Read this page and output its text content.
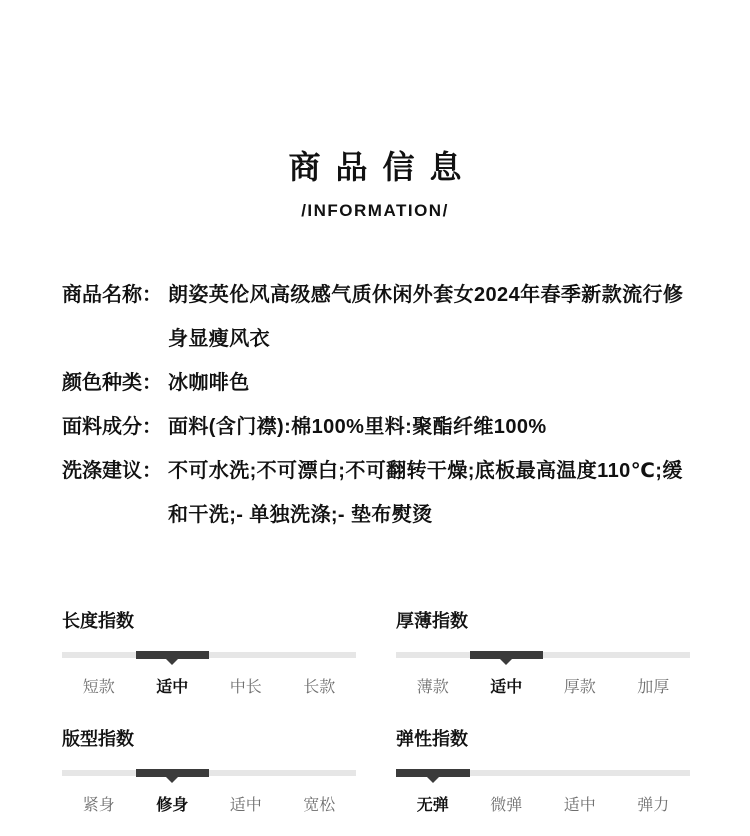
商品信息
/INFORMATION/
商品名称： 朗姿英伦风高级感气质休闲外套女2024年春季新款流行修身显瘦风衣
颜色种类： 冰咖啡色
面料成分： 面料(含门襟):棉100%里料:聚酯纤维100%
洗涤建议： 不可水洗;不可漂白;不可翻转干燥;底板最高温度110℃;缓和干洗;- 单独洗涤;- 垫布熨烫
长度指数
短款	适中	中长	长款
厚薄指数
薄款	适中	厚款	加厚
版型指数
紧身	修身	适中	宽松
弹性指数
无弹	微弹	适中	弹力
